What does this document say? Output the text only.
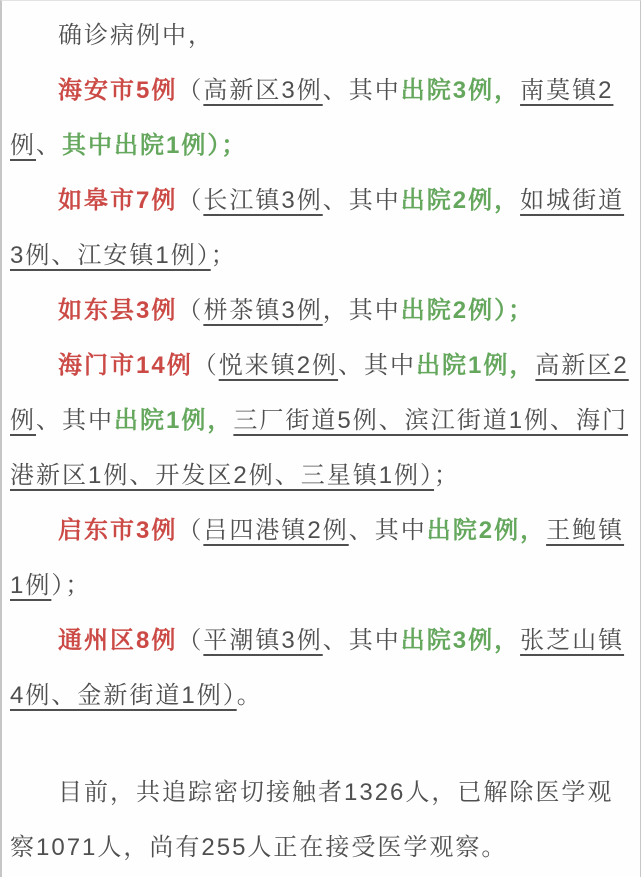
确诊病例中，
海安市5例（高新区3例、其中出院3例，南莫镇2
例、其中出院1例）；
如皋市7例（长江镇3例、其中出院2例，如城街道
3例、江安镇1例）；
如东县3例（栟茶镇3例，其中出院2例）；
海门市14例（悦来镇2例、其中出院1例，高新区2
例、其中出院1例，三厂街道5例、滨江街道1例、海门
港新区1例、开发区2例、三星镇1例）；
启东市3例（吕四港镇2例、其中出院2例，王鲍镇
1例）；
通州区8例（平潮镇3例、其中出院3例，张芝山镇
4例、金新街道1例）。
目前，共追踪密切接触者1326人，已解除医学观
察1071人，尚有255人正在接受医学观察。
